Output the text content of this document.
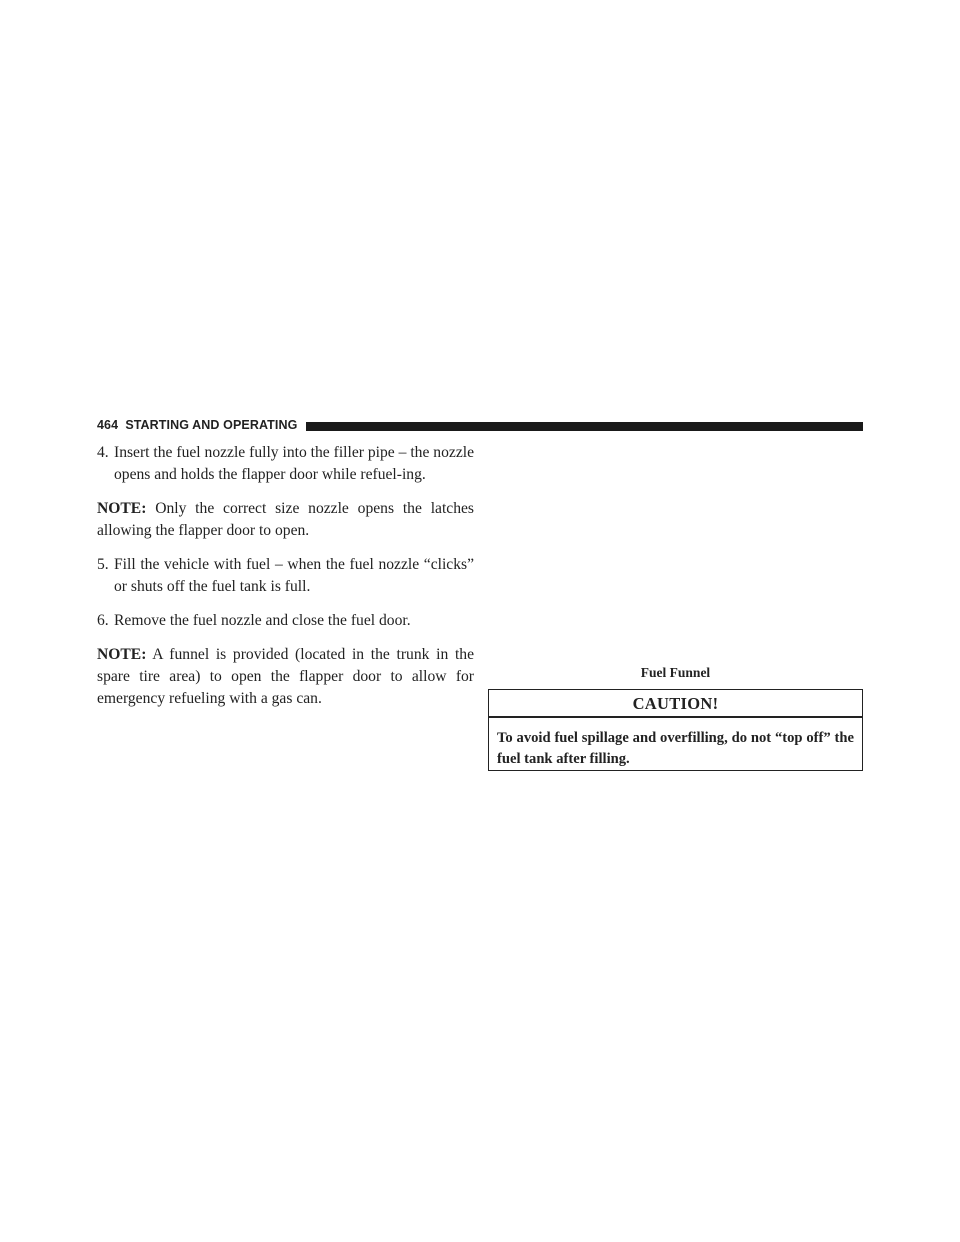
464 STARTING AND OPERATING
4. Insert the fuel nozzle fully into the filler pipe – the nozzle opens and holds the flapper door while refuel-ing.

NOTE: Only the correct size nozzle opens the latches allowing the flapper door to open.

5. Fill the vehicle with fuel – when the fuel nozzle “clicks” or shuts off the fuel tank is full.
6. Remove the fuel nozzle and close the fuel door.

NOTE: A funnel is provided (located in the trunk in the spare tire area) to open the flapper door to allow for emergency refueling with a gas can.

Fuel Funnel
CAUTION!
To avoid fuel spillage and overfilling, do not “top off” the fuel tank after filling.
